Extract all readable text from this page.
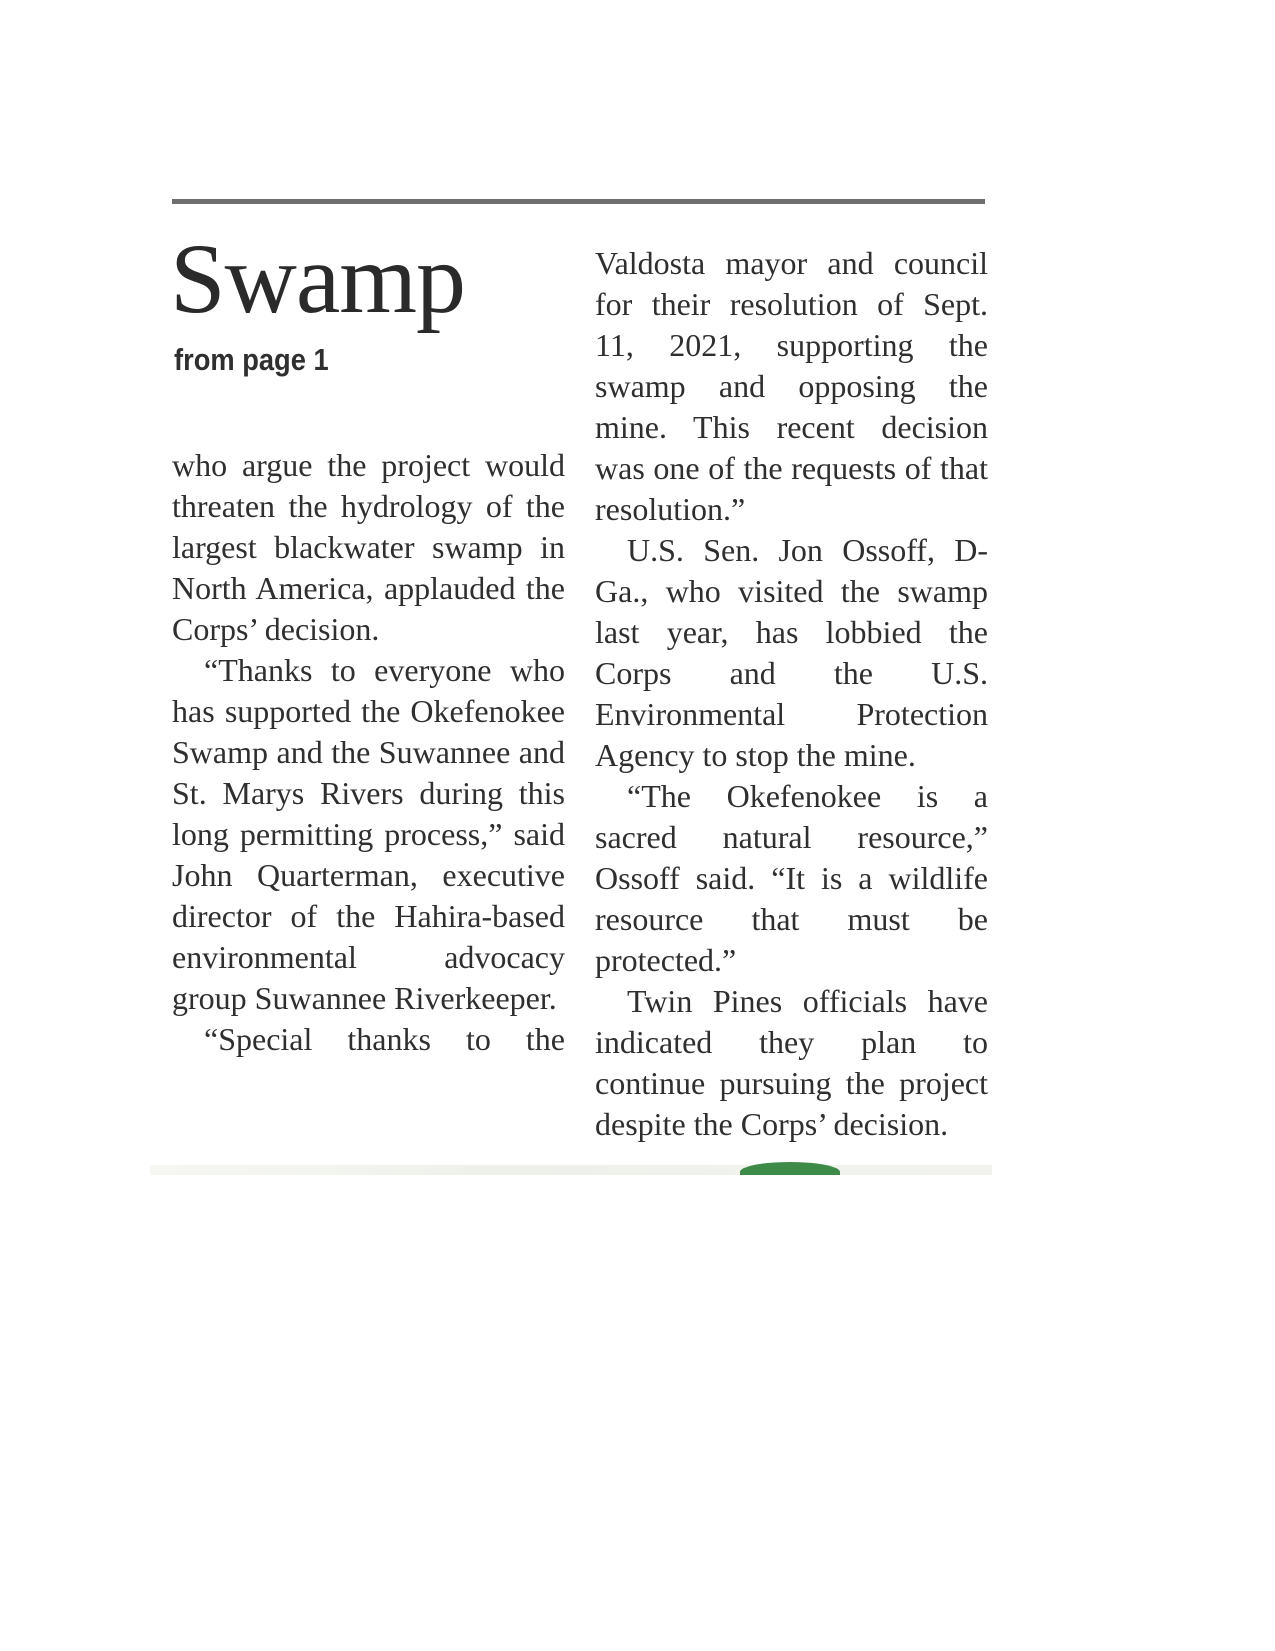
Swamp
from page 1

who argue the project would threaten the hydrology of the largest blackwater swamp in North America, applauded the Corps’ decision.

“Thanks to everyone who has supported the Okefenokee Swamp and the Suwannee and St. Marys Rivers during this long permitting process,” said John Quarterman, executive director of the Hahira-based environmental advocacy group Suwannee Riverkeeper.

“Special thanks to the

Valdosta mayor and council for their resolution of Sept. 11, 2021, supporting the swamp and opposing the mine. This recent decision was one of the requests of that resolution.”

U.S. Sen. Jon Ossoff, D-Ga., who visited the swamp last year, has lobbied the Corps and the U.S. Environmental Protection Agency to stop the mine.

“The Okefenokee is a sacred natural resource,” Ossoff said. “It is a wildlife resource that must be protected.”

Twin Pines officials have indicated they plan to continue pursuing the project despite the Corps’ decision.
